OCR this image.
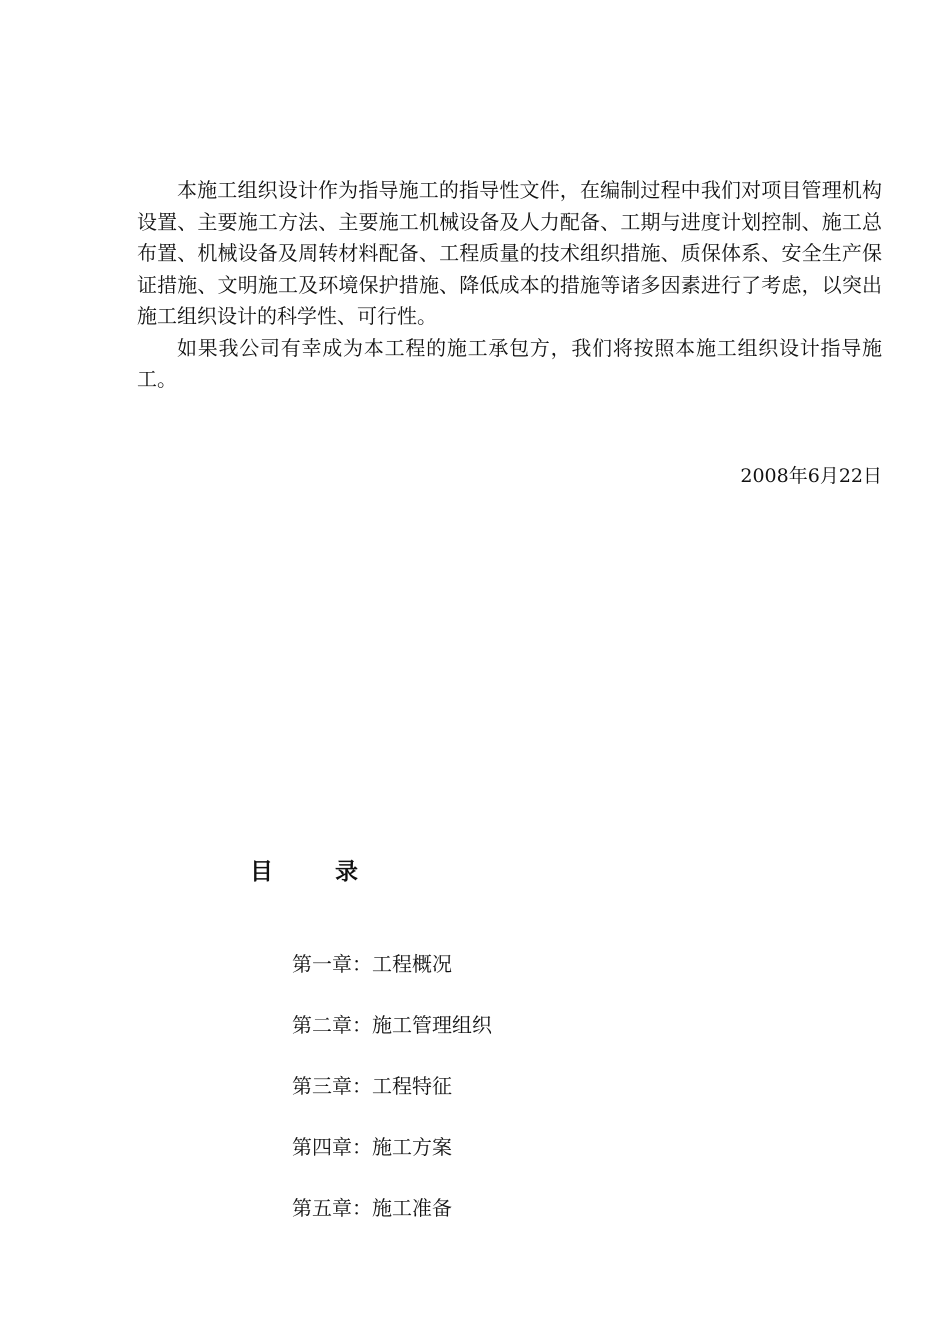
本施工组织设计作为指导施工的指导性文件，在编制过程中我们对项目管理机构设置、主要施工方法、主要施工机械设备及人力配备、工期与进度计划控制、施工总布置、机械设备及周转材料配备、工程质量的技术组织措施、质保体系、安全生产保证措施、文明施工及环境保护措施、降低成本的措施等诸多因素进行了考虑，以突出施工组织设计的科学性、可行性。

如果我公司有幸成为本工程的施工承包方，我们将按照本施工组织设计指导施工。

2008年6月22日
目录
第一章：工程概况
第二章：施工管理组织
第三章：工程特征
第四章：施工方案
第五章：施工准备
